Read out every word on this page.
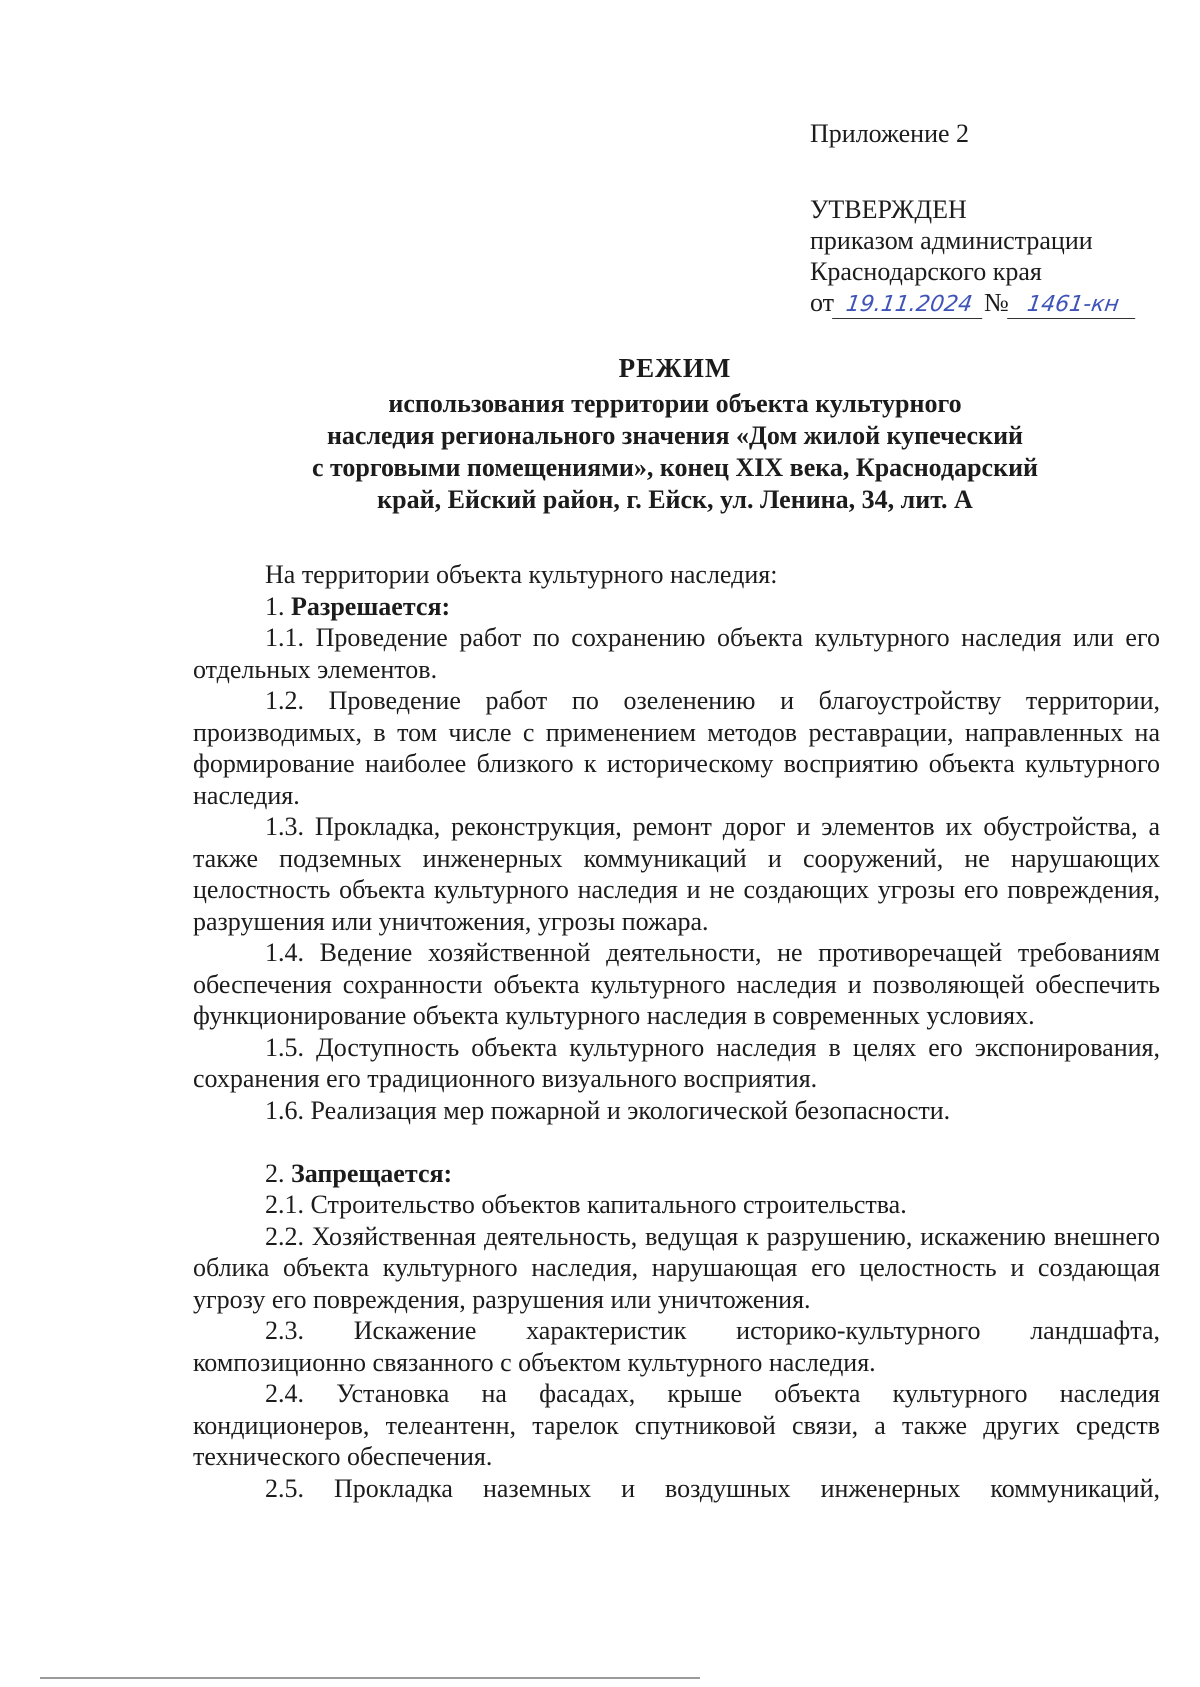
Приложение 2
УТВЕРЖДЕН
приказом администрации
Краснодарского края
от 19.11.2024 № 1461-кн
РЕЖИМ
использования территории объекта культурного
наследия регионального значения «Дом жилой купеческий
с торговыми помещениями», конец XIX века, Краснодарский
край, Ейский район, г. Ейск, ул. Ленина, 34, лит. А

На территории объекта культурного наследия:

1. Разрешается:

1.1. Проведение работ по сохранению объекта культурного наследия или его отдельных элементов.

1.2. Проведение работ по озеленению и благоустройству территории, производимых, в том числе с применением методов реставрации, направленных на формирование наиболее близкого к историческому восприятию объекта культурного наследия.

1.3. Прокладка, реконструкция, ремонт дорог и элементов их обустройства, а также подземных инженерных коммуникаций и сооружений, не нарушающих целостность объекта культурного наследия и не создающих угрозы его повреждения, разрушения или уничтожения, угрозы пожара.

1.4. Ведение хозяйственной деятельности, не противоречащей требованиям обеспечения сохранности объекта культурного наследия и позволяющей обеспечить функционирование объекта культурного наследия в современных условиях.

1.5. Доступность объекта культурного наследия в целях его экспонирования, сохранения его традиционного визуального восприятия.

1.6. Реализация мер пожарной и экологической безопасности.

2. Запрещается:

2.1. Строительство объектов капитального строительства.

2.2. Хозяйственная деятельность, ведущая к разрушению, искажению внешнего облика объекта культурного наследия, нарушающая его целостность и создающая угрозу его повреждения, разрушения или уничтожения.

2.3. Искажение характеристик историко-культурного ландшафта, композиционно связанного с объектом культурного наследия.

2.4. Установка на фасадах, крыше объекта культурного наследия кондиционеров, телеантенн, тарелок спутниковой связи, а также других средств технического обеспечения.

2.5. Прокладка наземных и воздушных инженерных коммуникаций,
